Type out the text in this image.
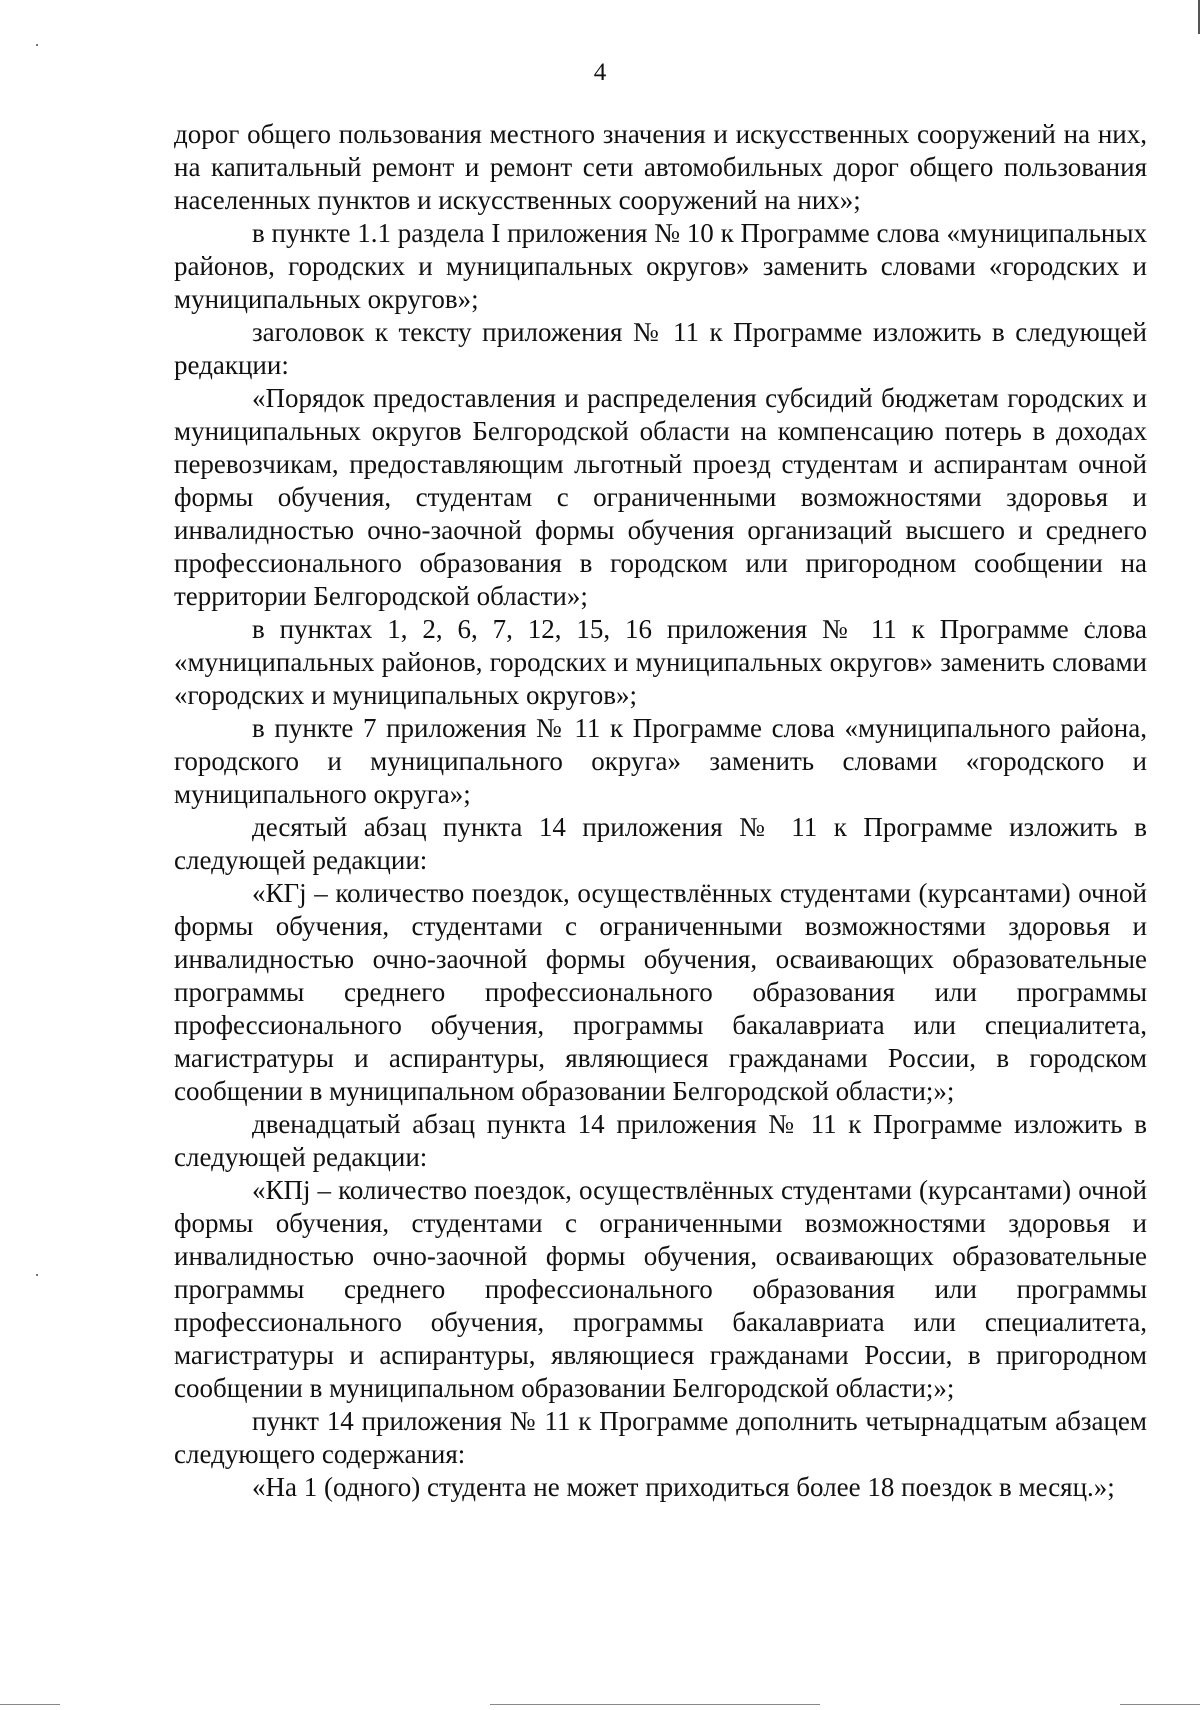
4

дорог общего пользования местного значения и искусственных сооружений на них, на капитальный ремонт и ремонт сети автомобильных дорог общего пользования населенных пунктов и искусственных сооружений на них»;

в пункте 1.1 раздела I приложения № 10 к Программе слова «муниципальных районов, городских и муниципальных округов» заменить словами «городских и муниципальных округов»;

заголовок к тексту приложения № 11 к Программе изложить в следующей редакции:

«Порядок предоставления и распределения субсидий бюджетам городских и муниципальных округов Белгородской области на компенсацию потерь в доходах перевозчикам, предоставляющим льготный проезд студентам и аспирантам очной формы обучения, студентам с ограниченными возможностями здоровья и инвалидностью очно-заочной формы обучения организаций высшего и среднего профессионального образования в городском или пригородном сообщении на территории Белгородской области»;

в пунктах 1, 2, 6, 7, 12, 15, 16 приложения № 11 к Программе слова «муниципальных районов, городских и муниципальных округов» заменить словами «городских и муниципальных округов»;

в пункте 7 приложения № 11 к Программе слова «муниципального района, городского и муниципального округа» заменить словами «городского и муниципального округа»;

десятый абзац пункта 14 приложения № 11 к Программе изложить в следующей редакции:

«КГj – количество поездок, осуществлённых студентами (курсантами) очной формы обучения, студентами с ограниченными возможностями здоровья и инвалидностью очно-заочной формы обучения, осваивающих образовательные программы среднего профессионального образования или программы профессионального обучения, программы бакалавриата или специалитета, магистратуры и аспирантуры, являющиеся гражданами России, в городском сообщении в муниципальном образовании Белгородской области;»;

двенадцатый абзац пункта 14 приложения № 11 к Программе изложить в следующей редакции:

«КПj – количество поездок, осуществлённых студентами (курсантами) очной формы обучения, студентами с ограниченными возможностями здоровья и инвалидностью очно-заочной формы обучения, осваивающих образовательные программы среднего профессионального образования или программы профессионального обучения, программы бакалавриата или специалитета, магистратуры и аспирантуры, являющиеся гражданами России, в пригородном сообщении в муниципальном образовании Белгородской области;»;

пункт 14 приложения № 11 к Программе дополнить четырнадцатым абзацем следующего содержания:

«На 1 (одного) студента не может приходиться более 18 поездок в месяц.»;
